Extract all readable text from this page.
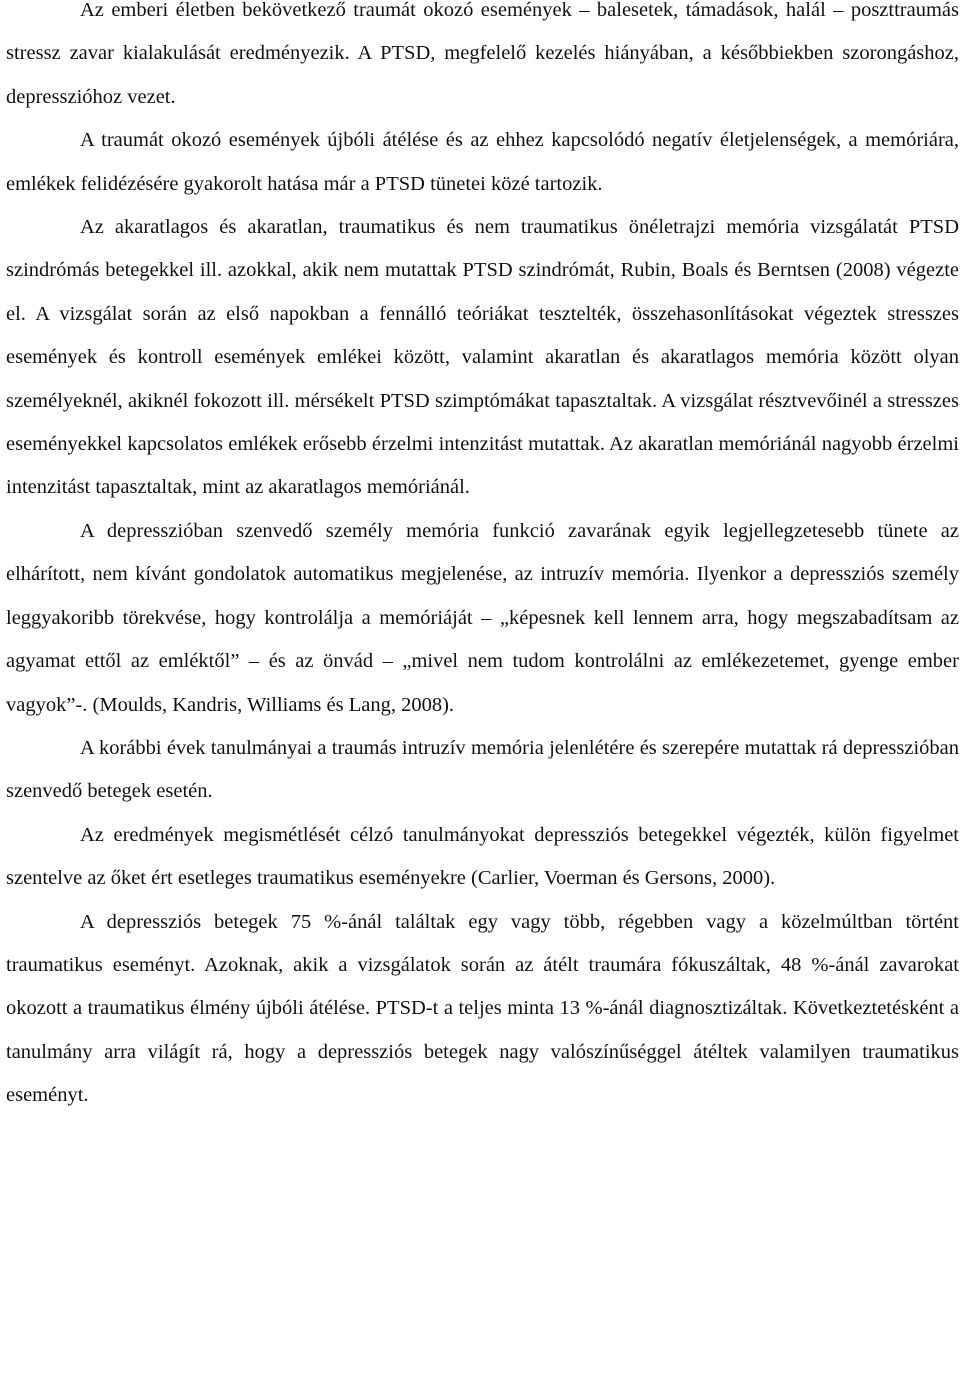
Az emberi életben bekövetkező traumát okozó események – balesetek, támadások, halál – poszttraumás stressz zavar kialakulását eredményezik. A PTSD, megfelelő kezelés hiányában, a későbbiekben szorongáshoz, depresszióhoz vezet.

A traumát okozó események újbóli átélése és az ehhez kapcsolódó negatív életjelenségek, a memóriára, emlékek felidézésére gyakorolt hatása már a PTSD tünetei közé tartozik.

Az akaratlagos és akaratlan, traumatikus és nem traumatikus önéletrajzi memória vizsgálatát PTSD szindrómás betegekkel ill. azokkal, akik nem mutattak PTSD szindrómát, Rubin, Boals és Berntsen (2008) végezte el. A vizsgálat során az első napokban a fennálló teóriákat tesztelték, összehasonlításokat végeztek stresszes események és kontroll események emlékei között, valamint akaratlan és akaratlagos memória között olyan személyeknél, akiknél fokozott ill. mérsékelt PTSD szimptómákat tapasztaltak. A vizsgálat résztvevőinél a stresszes eseményekkel kapcsolatos emlékek erősebb érzelmi intenzitást mutattak. Az akaratlan memóriánál nagyobb érzelmi intenzitást tapasztaltak, mint az akaratlagos memóriánál.

A depresszióban szenvedő személy memória funkció zavarának egyik legjellegzetesebb tünete az elhárított, nem kívánt gondolatok automatikus megjelenése, az intruzív memória. Ilyenkor a depressziós személy leggyakoribb törekvése, hogy kontrolálja a memóriáját – „képesnek kell lennem arra, hogy megszabadítsam az agyamat ettől az emléktől” – és az önvád – „mivel nem tudom kontrolálni az emlékezetemet, gyenge ember vagyok”-. (Moulds, Kandris, Williams és Lang, 2008).

A korábbi évek tanulmányai a traumás intruzív memória jelenlétére és szerepére mutattak rá depresszióban szenvedő betegek esetén.

Az eredmények megismétlését célzó tanulmányokat depressziós betegekkel végezték, külön figyelmet szentelve az őket ért esetleges traumatikus eseményekre (Carlier, Voerman és Gersons, 2000).

A depressziós betegek 75 %-ánál találtak egy vagy több, régebben vagy a közelmúltban történt traumatikus eseményt. Azoknak, akik a vizsgálatok során az átélt traumára fókuszáltak, 48 %-ánál zavarokat okozott a traumatikus élmény újbóli átélése. PTSD-t a teljes minta 13 %-ánál diagnosztizáltak. Következtetésként a tanulmány arra világít rá, hogy a depressziós betegek nagy valószínűséggel átéltek valamilyen traumatikus eseményt.
